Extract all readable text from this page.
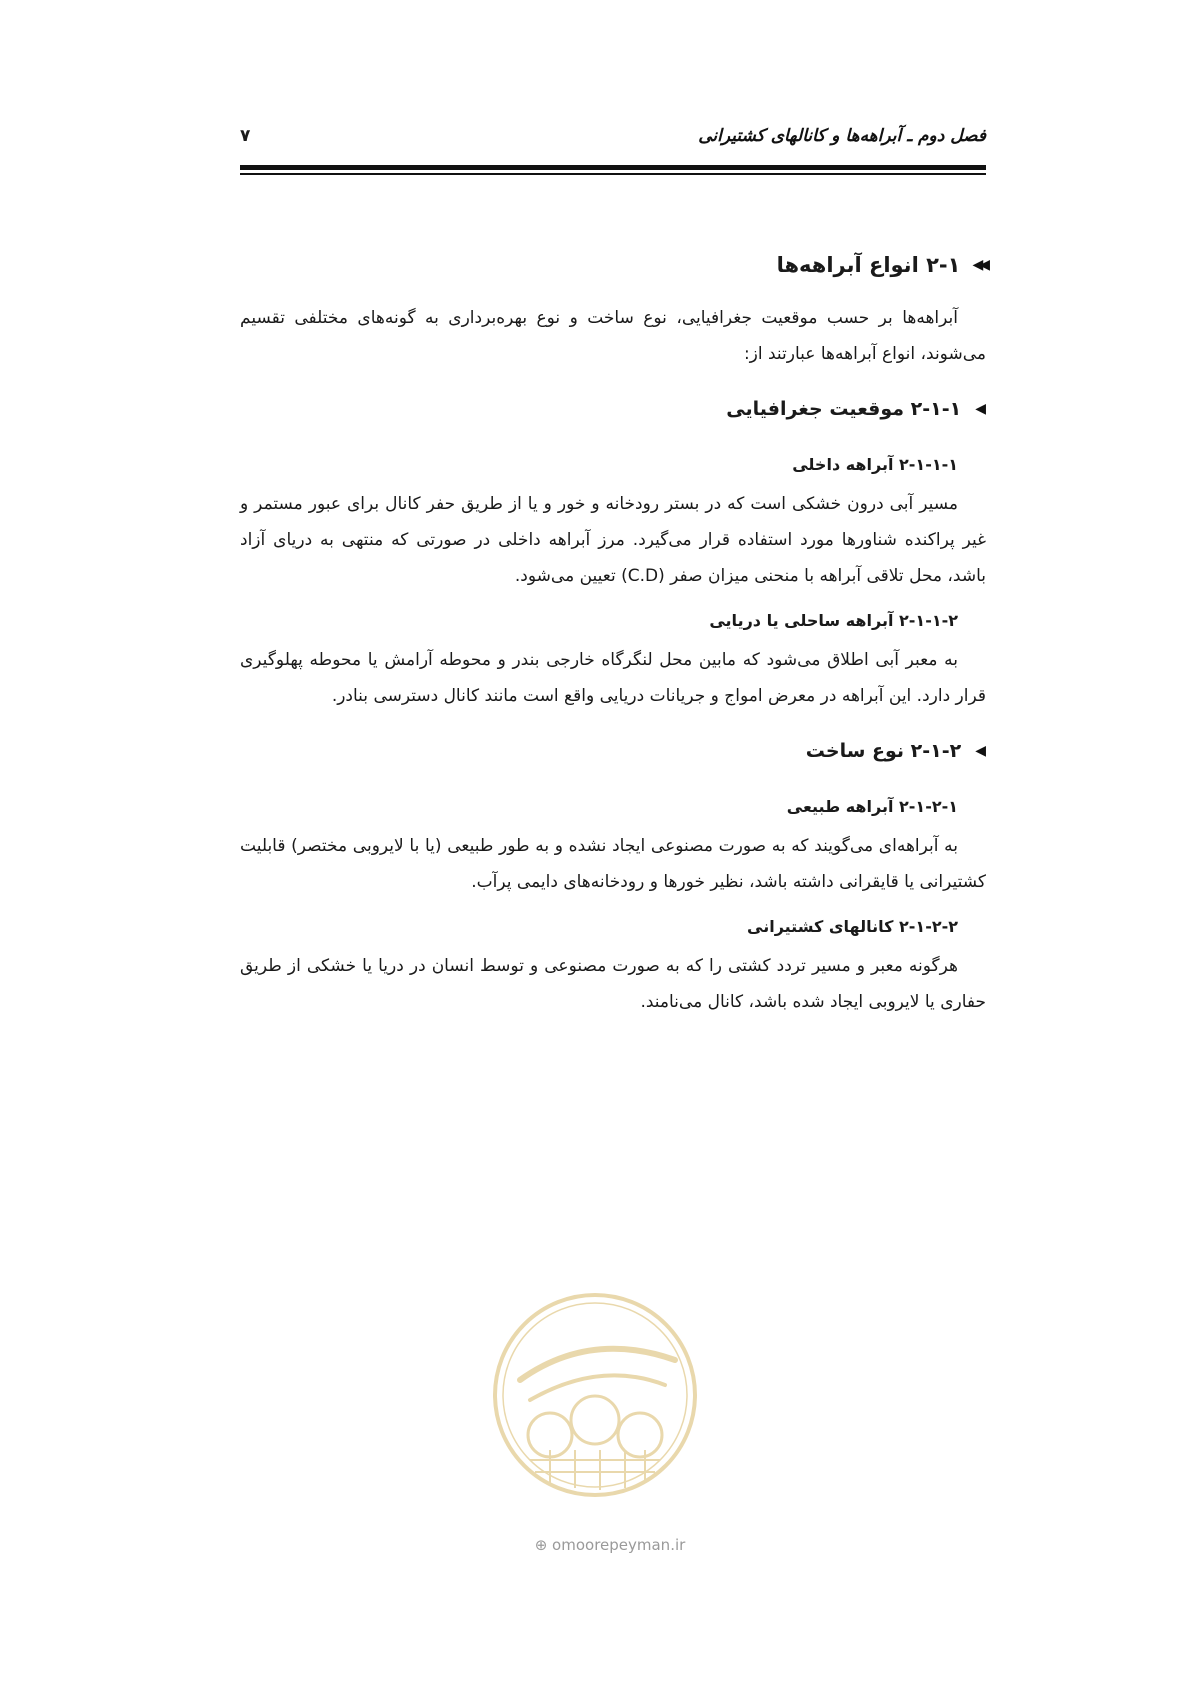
فصل دوم ـ آبراهه‌ها و کانالهای کشتیرانی
۷
◀◀
۲-۱ انواع آبراهه‌ها

آبراهه‌ها بر حسب موقعیت جغرافیایی، نوع ساخت و نوع بهره‌برداری به گونه‌های مختلفی تقسیم می‌شوند، انواع آبراهه‌ها عبارتند از:

◀
۲-۱-۱ موقعیت جغرافیایی
۲-۱-۱-۱ آبراهه داخلی

مسیر آبی درون خشکی است که در بستر رودخانه و خور و یا از طریق حفر کانال برای عبور مستمر و غیر پراکنده شناورها مورد استفاده قرار می‌گیرد. مرز آبراهه داخلی در صورتی که منتهی به دریای آزاد باشد، محل تلاقی آبراهه با منحنی میزان صفر (C.D) تعیین می‌شود.

۲-۱-۱-۲ آبراهه ساحلی یا دریایی

به معبر آبی اطلاق می‌شود که مابین محل لنگرگاه خارجی بندر و محوطه آرامش یا محوطه پهلوگیری قرار دارد. این آبراهه در معرض امواج و جریانات دریایی واقع است مانند کانال دسترسی بنادر.

◀
۲-۱-۲ نوع ساخت
۲-۱-۲-۱ آبراهه طبیعی

به آبراهه‌ای می‌گویند که به صورت مصنوعی ایجاد نشده و به طور طبیعی (یا با لایروبی مختصر) قابلیت کشتیرانی یا قایقرانی داشته باشد، نظیر خورها و رودخانه‌های دایمی پرآب.

۲-۱-۲-۲ کانالهای کشتیرانی

هرگونه معبر و مسیر تردد کشتی را که به صورت مصنوعی و توسط انسان در دریا یا خشکی از طریق حفاری یا لایروبی ایجاد شده باشد، کانال می‌نامند.

⊕ omoorepeyman.ir
